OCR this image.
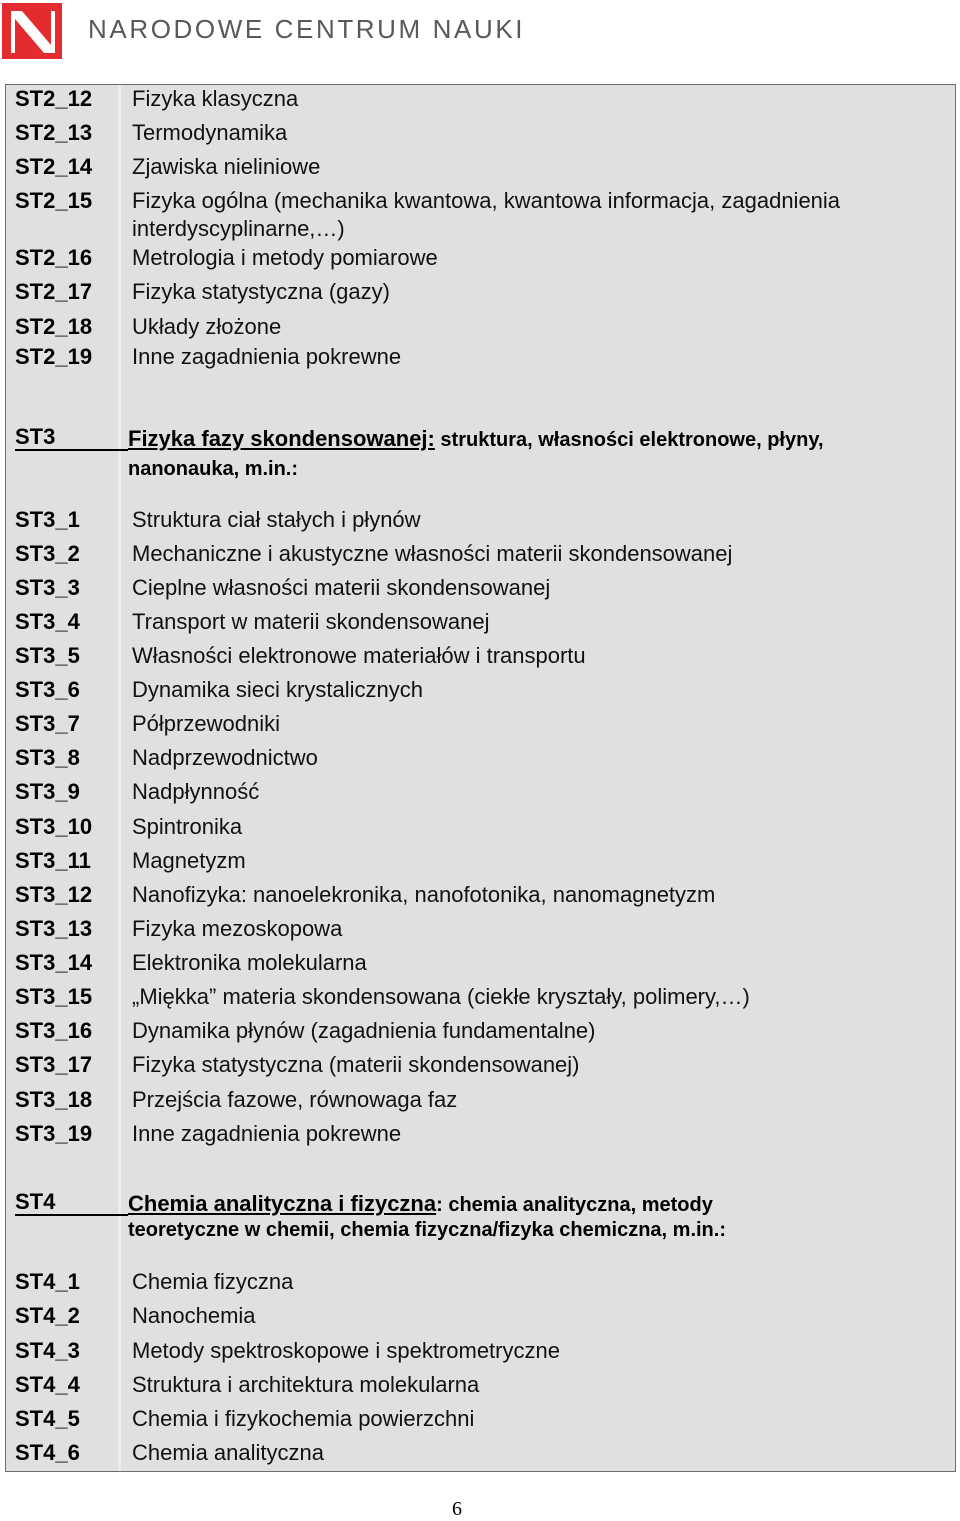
NARODOWE CENTRUM NAUKI
ST2_12 Fizyka klasyczna
ST2_13 Termodynamika
ST2_14 Zjawiska nieliniowe
ST2_15 Fizyka ogólna (mechanika kwantowa, kwantowa informacja, zagadnienia
interdyscyplinarne,…)
ST2_16 Metrologia i metody pomiarowe
ST2_17 Fizyka statystyczna (gazy)
ST2_18 Układy złożone
ST2_19 Inne zagadnienia pokrewne
ST3	Fizyka fazy skondensowanej: struktura, własności elektronowe, płyny,
nanonauka, m.in.:
ST3_1 Struktura ciał stałych i płynów
ST3_2 Mechaniczne i akustyczne własności materii skondensowanej
ST3_3 Cieplne własności materii skondensowanej
ST3_4 Transport w materii skondensowanej
ST3_5 Własności elektronowe materiałów i transportu
ST3_6 Dynamika sieci krystalicznych
ST3_7 Półprzewodniki
ST3_8 Nadprzewodnictwo
ST3_9 Nadpłynność
ST3_10 Spintronika
ST3_11 Magnetyzm
ST3_12 Nanofizyka: nanoelekronika, nanofotonika, nanomagnetyzm
ST3_13 Fizyka mezoskopowa
ST3_14 Elektronika molekularna
ST3_15 „Miękka” materia skondensowana (ciekłe kryształy, polimery,…)
ST3_16 Dynamika płynów (zagadnienia fundamentalne)
ST3_17 Fizyka statystyczna (materii skondensowanej)
ST3_18 Przejścia fazowe, równowaga faz
ST3_19 Inne zagadnienia pokrewne
ST4	Chemia analityczna i fizyczna: chemia analityczna, metody
teoretyczne w chemii, chemia fizyczna/fizyka chemiczna, m.in.:
ST4_1 Chemia fizyczna
ST4_2 Nanochemia
ST4_3 Metody spektroskopowe i spektrometryczne
ST4_4 Struktura i architektura molekularna
ST4_5 Chemia i fizykochemia powierzchni
ST4_6 Chemia analityczna
6
